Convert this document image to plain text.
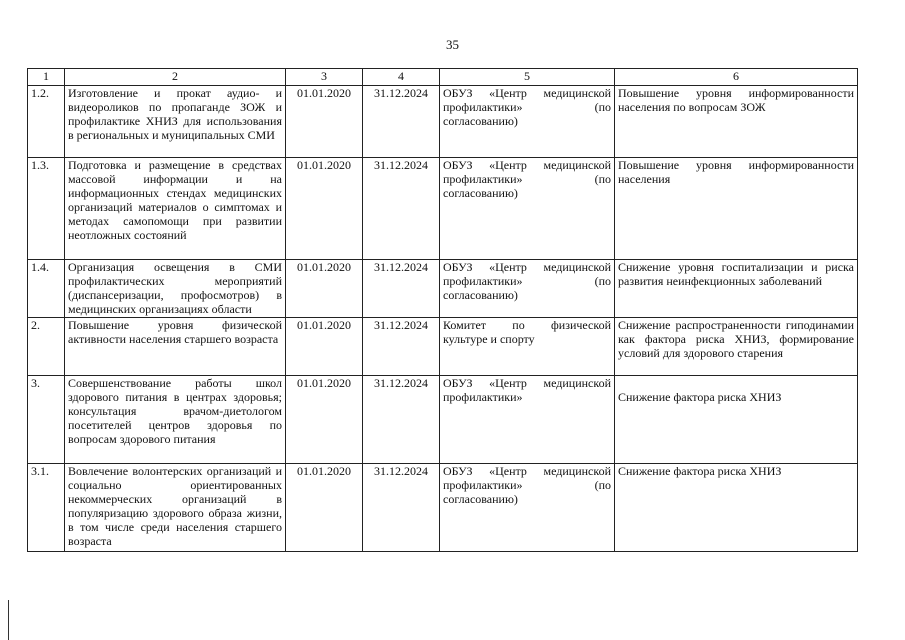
35
1	2	3	4	5	6
1.2.	Изготовление и прокат аудио- и видеороликов по пропаганде ЗОЖ и профилактике ХНИЗ для использования в региональных и муниципальных СМИ	01.01.2020	31.12.2024	ОБУЗ «Центр медицинской профилактики» (по согласованию)	Повышение уровня информированности населения по вопросам ЗОЖ
1.3.	Подготовка и размещение в средствах массовой информации и на информационных стендах медицинских организаций материалов о симптомах и методах самопомощи при развитии неотложных состояний	01.01.2020	31.12.2024	ОБУЗ «Центр медицинской профилактики» (по согласованию)	Повышение уровня информированности населения
1.4.	Организация освещения в СМИ профилактических мероприятий (диспансеризации, профосмотров) в медицинских организациях области	01.01.2020	31.12.2024	ОБУЗ «Центр медицинской профилактики» (по согласованию)	Снижение уровня госпитализации и риска развития неинфекционных заболеваний
2.	Повышение уровня физической активности населения старшего возраста	01.01.2020	31.12.2024	Комитет по физической культуре и спорту	Снижение распространенности гиподинамии как фактора риска ХНИЗ, формирование условий для здорового старения
3.	Совершенствование работы школ здорового питания в центрах здоровья; консультация врачом-диетологом посетителей центров здоровья по вопросам здорового питания	01.01.2020	31.12.2024	ОБУЗ «Центр медицинской профилактики»	Снижение фактора риска ХНИЗ
3.1.	Вовлечение волонтерских организаций и социально ориентированных некоммерческих организаций в популяризацию здорового образа жизни, в том числе среди населения старшего возраста	01.01.2020	31.12.2024	ОБУЗ «Центр медицинской профилактики» (по согласованию)	Снижение фактора риска ХНИЗ
